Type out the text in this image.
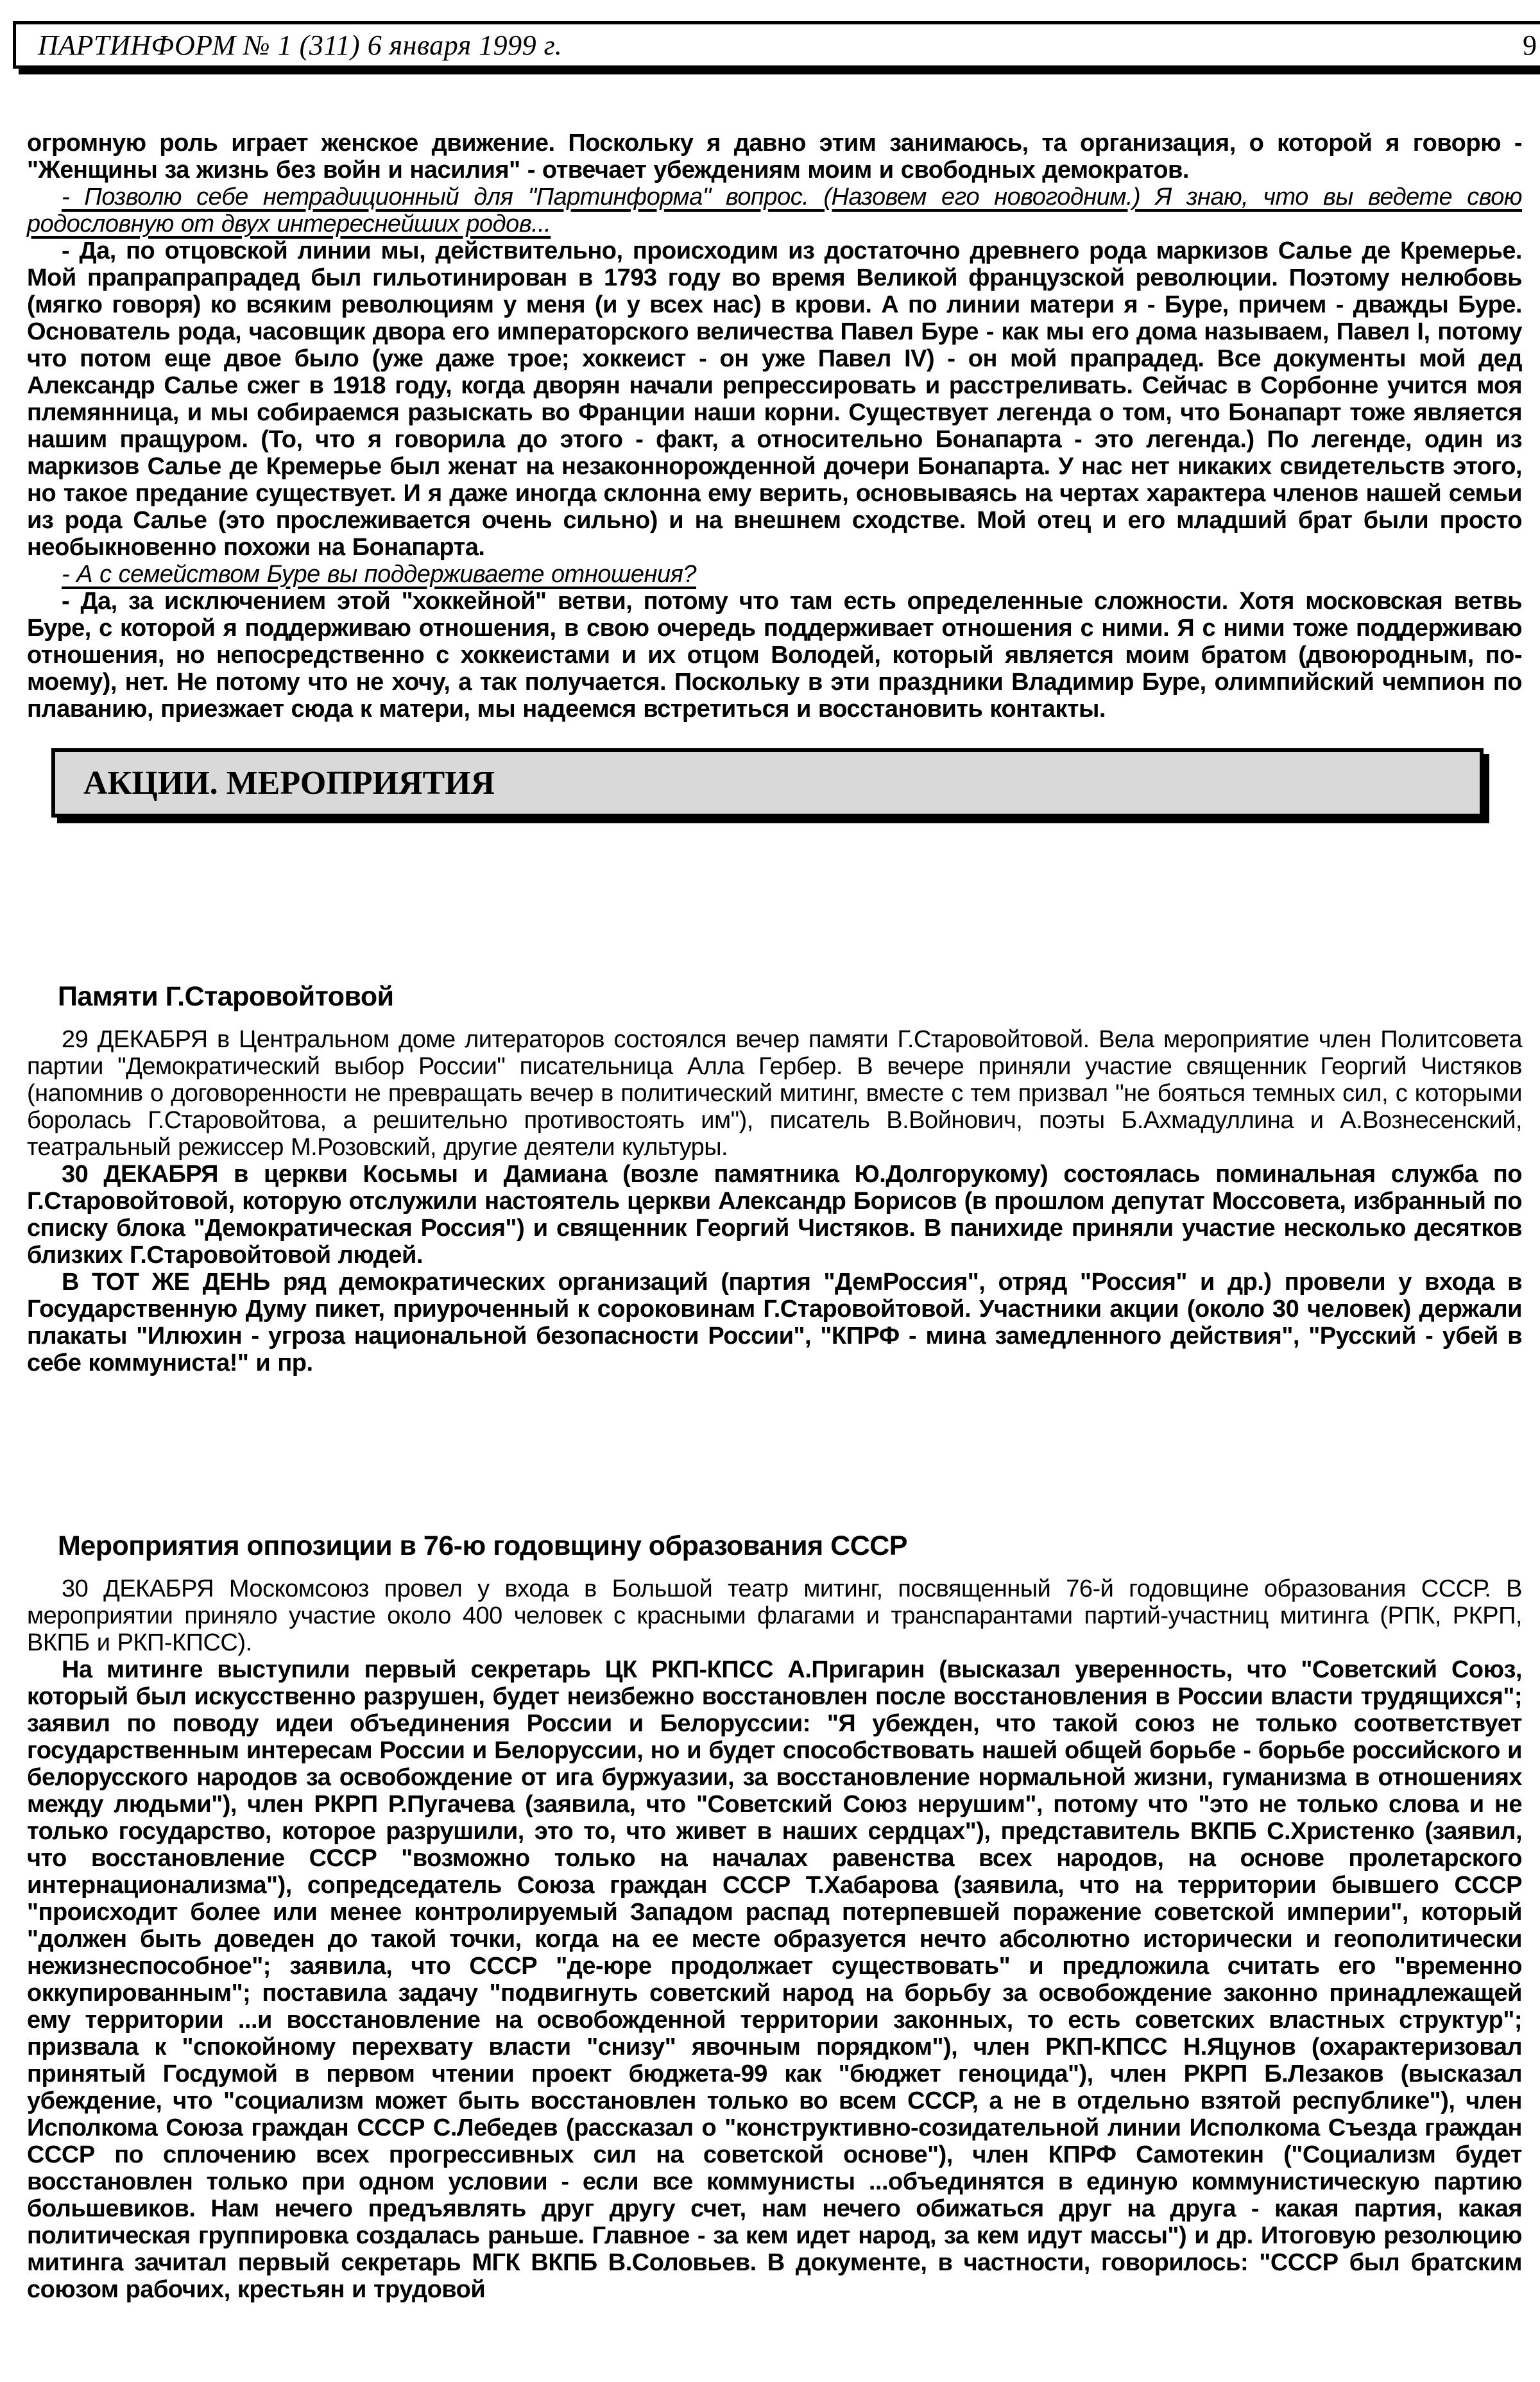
ПАРТИНФОРМ № 1 (311) 6 января 1999 г.	9

огромную роль играет женское движение. Поскольку я давно этим занимаюсь, та организация, о которой я говорю - "Женщины за жизнь без войн и насилия" - отвечает убеждениям моим и свободных демократов.

- Позволю себе нетрадиционный для "Партинформа" вопрос. (Назовем его новогодним.) Я знаю, что вы ведете свою родословную от двух интереснейших родов...

- Да, по отцовской линии мы, действительно, происходим из достаточно древнего рода маркизов Салье де Кремерье. Мой прапрапрапрадед был гильотинирован в 1793 году во время Великой французской революции. Поэтому нелюбовь (мягко говоря) ко всяким революциям у меня (и у всех нас) в крови. А по линии матери я - Буре, причем - дважды Буре. Основатель рода, часовщик двора его императорского величества Павел Буре - как мы его дома называем, Павел I, потому что потом еще двое было (уже даже трое; хоккеист - он уже Павел IV) - он мой прапрадед. Все документы мой дед Александр Салье сжег в 1918 году, когда дворян начали репрессировать и расстреливать. Сейчас в Сорбонне учится моя племянница, и мы собираемся разыскать во Франции наши корни. Существует легенда о том, что Бонапарт тоже является нашим пращуром. (То, что я говорила до этого - факт, а относительно Бонапарта - это легенда.) По легенде, один из маркизов Салье де Кремерье был женат на незаконнорожденной дочери Бонапарта. У нас нет никаких свидетельств этого, но такое предание существует. И я даже иногда склонна ему верить, основываясь на чертах характера членов нашей семьи из рода Салье (это прослеживается очень сильно) и на внешнем сходстве. Мой отец и его младший брат были просто необыкновенно похожи на Бонапарта.

- А с семейством Буре вы поддерживаете отношения?

- Да, за исключением этой "хоккейной" ветви, потому что там есть определенные сложности. Хотя московская ветвь Буре, с которой я поддерживаю отношения, в свою очередь поддерживает отношения с ними. Я с ними тоже поддерживаю отношения, но непосредственно с хоккеистами и их отцом Володей, который является моим братом (двоюродным, по-моему), нет. Не потому что не хочу, а так получается. Поскольку в эти праздники Владимир Буре, олимпийский чемпион по плаванию, приезжает сюда к матери, мы надеемся встретиться и восстановить контакты.

АКЦИИ. МЕРОПРИЯТИЯ
Памяти Г.Старовойтовой

29 ДЕКАБРЯ в Центральном доме литераторов состоялся вечер памяти Г.Старовойтовой. Вела мероприятие член Политсовета партии "Демократический выбор России" писательница Алла Гербер. В вечере приняли участие священник Георгий Чистяков (напомнив о договоренности не превращать вечер в политический митинг, вместе с тем призвал "не бояться темных сил, с которыми боролась Г.Старовойтова, а решительно противостоять им"), писатель В.Войнович, поэты Б.Ахмадуллина и А.Вознесенский, театральный режиссер М.Розовский, другие деятели культуры.

30 ДЕКАБРЯ в церкви Косьмы и Дамиана (возле памятника Ю.Долгорукому) состоялась поминальная служба по Г.Старовойтовой, которую отслужили настоятель церкви Александр Борисов (в прошлом депутат Моссовета, избранный по списку блока "Демократическая Россия") и священник Георгий Чистяков. В панихиде приняли участие несколько десятков близких Г.Старовойтовой людей.

В ТОТ ЖЕ ДЕНЬ ряд демократических организаций (партия "ДемРоссия", отряд "Россия" и др.) провели у входа в Государственную Думу пикет, приуроченный к сороковинам Г.Старовойтовой. Участники акции (около 30 человек) держали плакаты "Илюхин - угроза национальной безопасности России", "КПРФ - мина замедленного действия", "Русский - убей в себе коммуниста!" и пр.

Мероприятия оппозиции в 76-ю годовщину образования СССР

30 ДЕКАБРЯ Москомсоюз провел у входа в Большой театр митинг, посвященный 76-й годовщине образования СССР. В мероприятии приняло участие около 400 человек с красными флагами и транспарантами партий-участниц митинга (РПК, РКРП, ВКПБ и РКП-КПСС).

На митинге выступили первый секретарь ЦК РКП-КПСС А.Пригарин (высказал уверенность, что "Советский Союз, который был искусственно разрушен, будет неизбежно восстановлен после восстановления в России власти трудящихся"; заявил по поводу идеи объединения России и Белоруссии: "Я убежден, что такой союз не только соответствует государственным интересам России и Белоруссии, но и будет способствовать нашей общей борьбе - борьбе российского и белорусского народов за освобождение от ига буржуазии, за восстановление нормальной жизни, гуманизма в отношениях между людьми"), член РКРП Р.Пугачева (заявила, что "Советский Союз нерушим", потому что "это не только слова и не только государство, которое разрушили, это то, что живет в наших сердцах"), представитель ВКПБ С.Христенко (заявил, что восстановление СССР "возможно только на началах равенства всех народов, на основе пролетарского интернационализма"), сопредседатель Союза граждан СССР Т.Хабарова (заявила, что на территории бывшего СССР "происходит более или менее контролируемый Западом распад потерпевшей поражение советской империи", который "должен быть доведен до такой точки, когда на ее месте образуется нечто абсолютно исторически и геополитически нежизнеспособное"; заявила, что СССР "де-юре продолжает существовать" и предложила считать его "временно оккупированным"; поставила задачу "подвигнуть советский народ на борьбу за освобождение законно принадлежащей ему территории ...и восстановление на освобожденной территории законных, то есть советских властных структур"; призвала к "спокойному перехвату власти "снизу" явочным порядком"), член РКП-КПСС Н.Яцунов (охарактеризовал принятый Госдумой в первом чтении проект бюджета-99 как "бюджет геноцида"), член РКРП Б.Лезаков (высказал убеждение, что "социализм может быть восстановлен только во всем СССР, а не в отдельно взятой республике"), член Исполкома Союза граждан СССР С.Лебедев (рассказал о "конструктивно-созидательной линии Исполкома Съезда граждан СССР по сплочению всех прогрессивных сил на советской основе"), член КПРФ Самотекин ("Социализм будет восстановлен только при одном условии - если все коммунисты ...объединятся в единую коммунистическую партию большевиков. Нам нечего предъявлять друг другу счет, нам нечего обижаться друг на друга - какая партия, какая политическая группировка создалась раньше. Главное - за кем идет народ, за кем идут массы") и др. Итоговую резолюцию митинга зачитал первый секретарь МГК ВКПБ В.Соловьев. В документе, в частности, говорилось: "СССР был братским союзом рабочих, крестьян и трудовой
